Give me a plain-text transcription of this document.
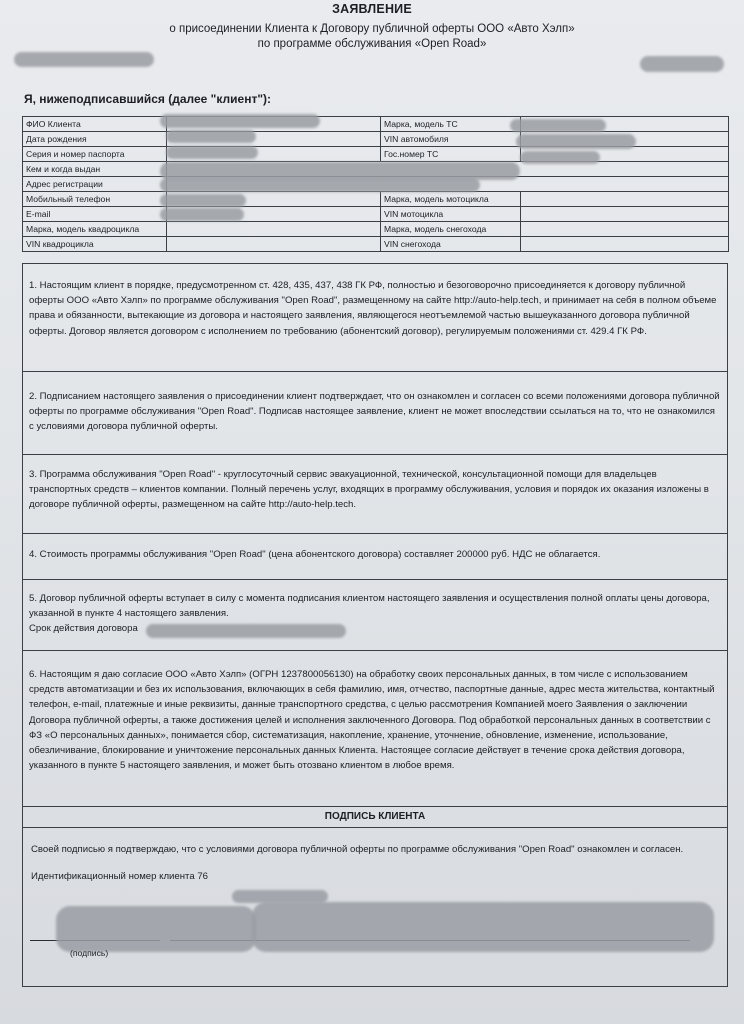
ЗАЯВЛЕНИЕ
о присоединении Клиента к Договору публичной оферты ООО «Авто Хэлп»
по программе обслуживания «Open Road»
Я, нижеподписавшийся (далее "клиент"):
ФИО Клиента		Марка, модель ТС	
Дата рождения		VIN автомобиля	
Серия и номер паспорта		Гос.номер ТС	
Кем и когда выдан			
Адрес регистрации			
Мобильный телефон		Марка, модель мотоцикла	
E-mail		VIN мотоцикла	
Марка, модель квадроцикла		Марка, модель снегохода	
VIN квадроцикла		VIN снегохода	

1. Настоящим клиент в порядке, предусмотренном ст. 428, 435, 437, 438 ГК РФ, полностью и безоговорочно присоединяется к договору публичной оферты ООО «Авто Хэлп» по программе обслуживания "Open Road", размещенному на сайте http://auto-help.tech, и принимает на себя в полном объеме права и обязанности, вытекающие из договора и настоящего заявления, являющегося неотъемлемой частью вышеуказанного договора публичной оферты. Договор является договором с исполнением по требованию (абонентский договор), регулируемым положениями ст. 429.4 ГК РФ.

2. Подписанием настоящего заявления о присоединении клиент подтверждает, что он ознакомлен и согласен со всеми положениями договора публичной оферты по программе обслуживания "Open Road". Подписав настоящее заявление, клиент не может впоследствии ссылаться на то, что не ознакомился с условиями договора публичной оферты.

3. Программа обслуживания "Open Road" - круглосуточный сервис эвакуационной, технической, консультационной помощи для владельцев транспортных средств – клиентов компании. Полный перечень услуг, входящих в программу обслуживания, условия и порядок их оказания изложены в договоре публичной оферты, размещенном на сайте http://auto-help.tech.

4. Стоимость программы обслуживания "Open Road" (цена абонентского договора) составляет 200000 руб. НДС не облагается.

5. Договор публичной оферты вступает в силу с момента подписания клиентом настоящего заявления и осуществления полной оплаты цены договора, указанной в пункте 4 настоящего заявления.

Срок действия договора

6. Настоящим я даю согласие ООО «Авто Хэлп» (ОГРН 1237800056130) на обработку своих персональных данных, в том числе с использованием средств автоматизации и без их использования, включающих в себя фамилию, имя, отчество, паспортные данные, адрес места жительства, контактный телефон, e-mail, платежные и иные реквизиты, данные транспортного средства, с целью рассмотрения Компанией моего Заявления о заключении Договора публичной оферты, а также достижения целей и исполнения заключенного Договора. Под обработкой персональных данных в соответствии с ФЗ «О персональных данных», понимается сбор, систематизация, накопление, хранение, уточнение, обновление, изменение, использование, обезличивание, блокирование и уничтожение персональных данных Клиента. Настоящее согласие действует в течение срока действия договора, указанного в пункте 5 настоящего заявления, и может быть отозвано клиентом в любое время.

ПОДПИСЬ КЛИЕНТА
Своей подписью я подтверждаю, что с условиями договора публичной оферты по программе обслуживания "Open Road" ознакомлен и согласен.
Идентификационный номер клиента 76
(подпись)
